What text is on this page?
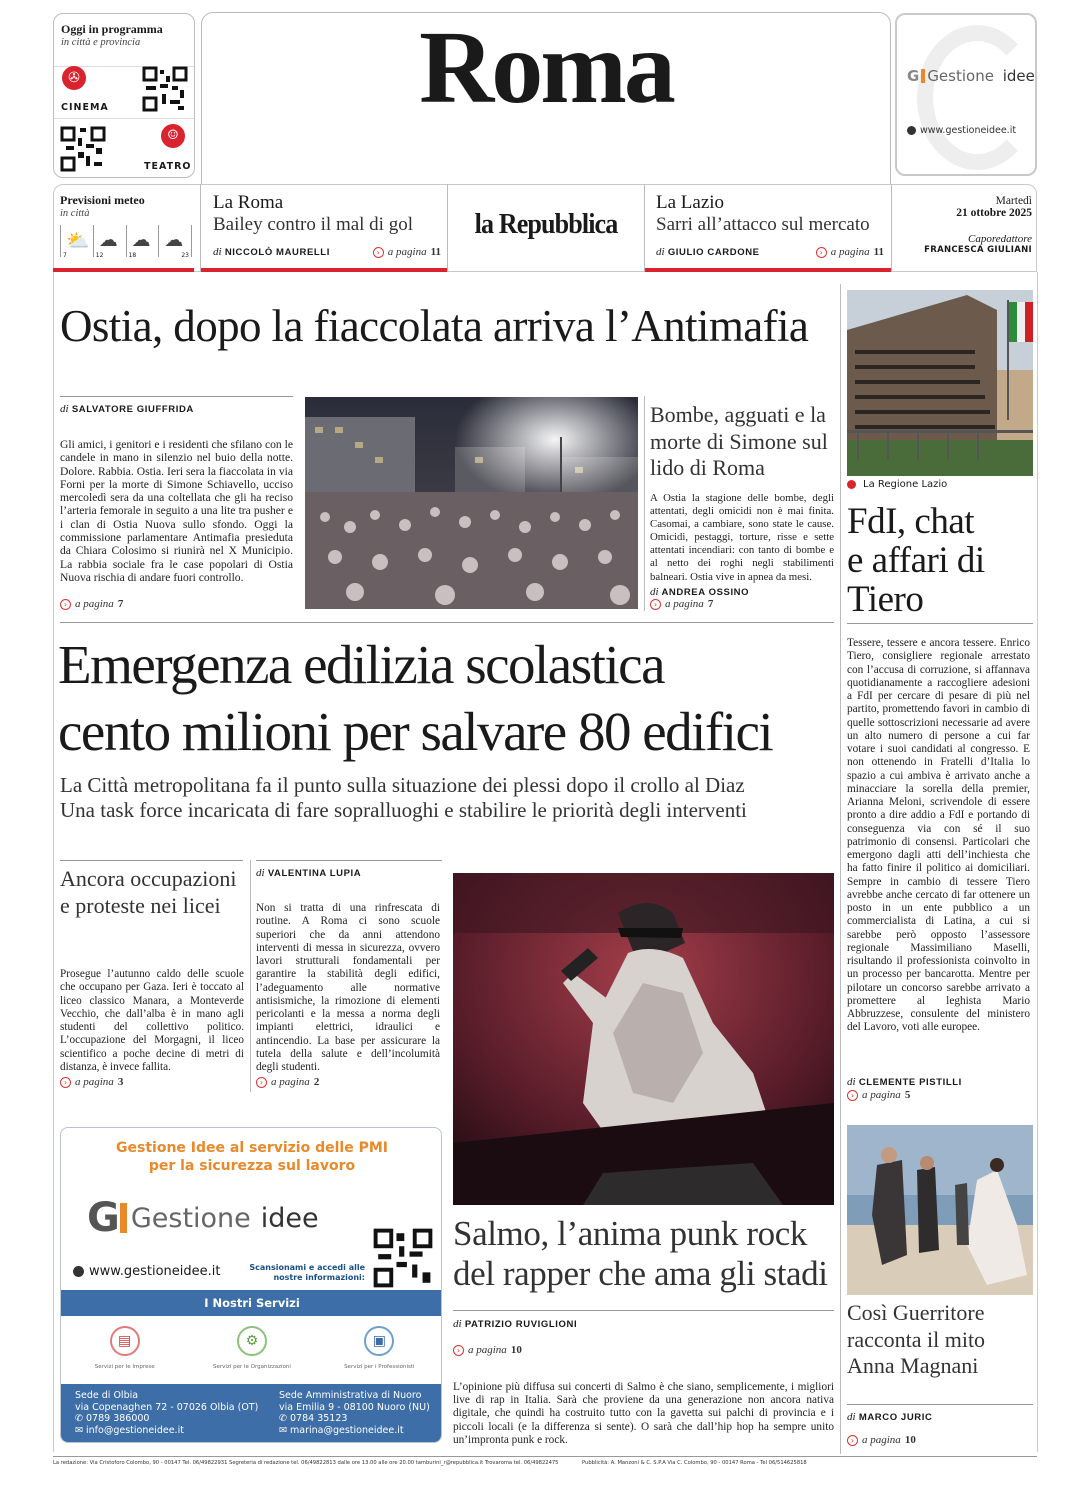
Oggi in programma
in città e provincia
✇
CINEMA
☺
TEATRO
Roma	G Gestione
idee
www.gestioneidee.it
Previsioni meteo
in città
⛅
7
☁
12
☁
18
☁
23
La Roma
Bailey contro il mal di gol
di NICCOLÒ MAURELLI	› a pagina 11
la Repubblica
La Lazio
Sarri all’attacco sul mercato
di GIULIO CARDONE	› a pagina 11
Martedì
21 ottobre 2025
Caporedattore
FRANCESCA GIULIANI
Ostia, dopo la fiaccolata arriva l’Antimafia
di SALVATORE GIUFFRIDA
Gli amici, i genitori e i residenti che sfilano con le candele in mano in silenzio nel buio della notte. Dolore. Rabbia. Ostia. Ieri sera la fiaccolata in via Forni per la morte di Simone Schiavello, ucciso mercoledì sera da una coltellata che gli ha reciso l’arteria femorale in seguito a una lite tra pusher e i clan di Ostia Nuova sullo sfondo. Oggi la commissione parlamentare Antimafia presieduta da Chiara Colosimo si riunirà nel X Municipio. La rabbia sociale fra le case popolari di Ostia Nuova rischia di andare fuori controllo.
› a pagina 7
Bombe, agguati e la morte di Simone sul lido di Roma
A Ostia la stagione delle bombe, degli attentati, degli omicidi non è mai finita. Casomai, a cambiare, sono state le cause. Omicidi, pestaggi, torture, risse e sette attentati incendiari: con tanto di bombe e al netto dei roghi negli stabilimenti balneari. Ostia vive in apnea da mesi.
di ANDREA OSSINO
› a pagina 7
La Regione Lazio
FdI, chat e affari di Tiero
Tessere, tessere e ancora tessere. Enrico Tiero, consigliere regionale arrestato con l’accusa di corruzione, si affannava quotidianamente a raccogliere adesioni a FdI per cercare di pesare di più nel partito, promettendo favori in cambio di quelle sottoscrizioni necessarie ad avere un alto numero di persone a cui far votare i suoi candidati al congresso. E non ottenendo in Fratelli d’Italia lo spazio a cui ambiva è arrivato anche a minacciare la sorella della premier, Arianna Meloni, scrivendole di essere pronto a dire addio a FdI e portando di conseguenza via con sé il suo patrimonio di consensi. Particolari che emergono dagli atti dell’inchiesta che ha fatto finire il politico ai domiciliari. Sempre in cambio di tessere Tiero avrebbe anche cercato di far ottenere un posto in un ente pubblico a un commercialista di Latina, a cui si sarebbe però opposto l’assessore regionale Massimiliano Maselli, risultando il professionista coinvolto in un processo per bancarotta. Mentre per pilotare un concorso sarebbe arrivato a promettere al leghista Mario Abbruzzese, consulente del ministero del Lavoro, voti alle europee.
di CLEMENTE PISTILLI
› a pagina 5
Emergenza edilizia scolastica
cento milioni per salvare 80 edifici
La Città metropolitana fa il punto sulla situazione dei plessi dopo il crollo al Diaz
Una task force incaricata di fare sopralluoghi e stabilire le priorità degli interventi
Ancora occupazioni e proteste nei licei
Prosegue l’autunno caldo delle scuole che occupano per Gaza. Ieri è toccato al liceo classico Manara, a Monteverde Vecchio, che dall’alba è in mano agli studenti del collettivo politico. L’occupazione del Morgagni, il liceo scientifico a poche decine di metri di distanza, è invece fallita.
› a pagina 3
di VALENTINA LUPIA
Non si tratta di una rinfrescata di routine. A Roma ci sono scuole superiori che da anni attendono interventi di messa in sicurezza, ovvero lavori strutturali fondamentali per garantire la stabilità degli edifici, l’adeguamento alle normative antisismiche, la rimozione di elementi pericolanti e la messa a norma degli impianti elettrici, idraulici e antincendio. La base per assicurare la tutela della salute e dell’incolumità degli studenti.
› a pagina 2
Salmo, l’anima punk rock del rapper che ama gli stadi
di PATRIZIO RUVIGLIONI
› a pagina 10
L’opinione più diffusa sui concerti di Salmo è che siano, semplicemente, i migliori live di rap in Italia. Sarà che proviene da una generazione non ancora nativa digitale, che quindi ha costruito tutto con la gavetta sui palchi di provincia e i piccoli locali (e la differenza si sente). O sarà che dall’hip hop ha sempre unito un’impronta punk e rock.
Così Guerritore racconta il mito Anna Magnani
di MARCO JURIC
› a pagina 10
Gestione Idee al servizio delle PMI
per la sicurezza sul lavoro
G Gestione idee
www.gestioneidee.it	Scansionami e accedi alle
nostre informazioni:
I Nostri Servizi
▤
Servizi per le Imprese
⚙
Servizi per le Organizzazioni
▣
Servizi per i Professionisti
Sede di Olbia
via Copenaghen 72 - 07026 Olbia (OT)
✆ 0789 386000
✉ info@gestioneidee.it
Sede Amministrativa di Nuoro
via Emilia 9 - 08100 Nuoro (NU)
✆ 0784 35123
✉ marina@gestioneidee.it
La redazione: Via Cristoforo Colombo, 90 - 00147 Tel. 06/49822931 Segreteria di redazione tel. 06/49822813 dalle ore 13.00 alle ore 20.00 tamburini_r@repubblica.it Trovaroma tel. 06/49822475	Pubblicità: A. Manzoni & C. S.P.A Via C. Colombo, 90 - 00147 Roma - Tel 06/514625818
